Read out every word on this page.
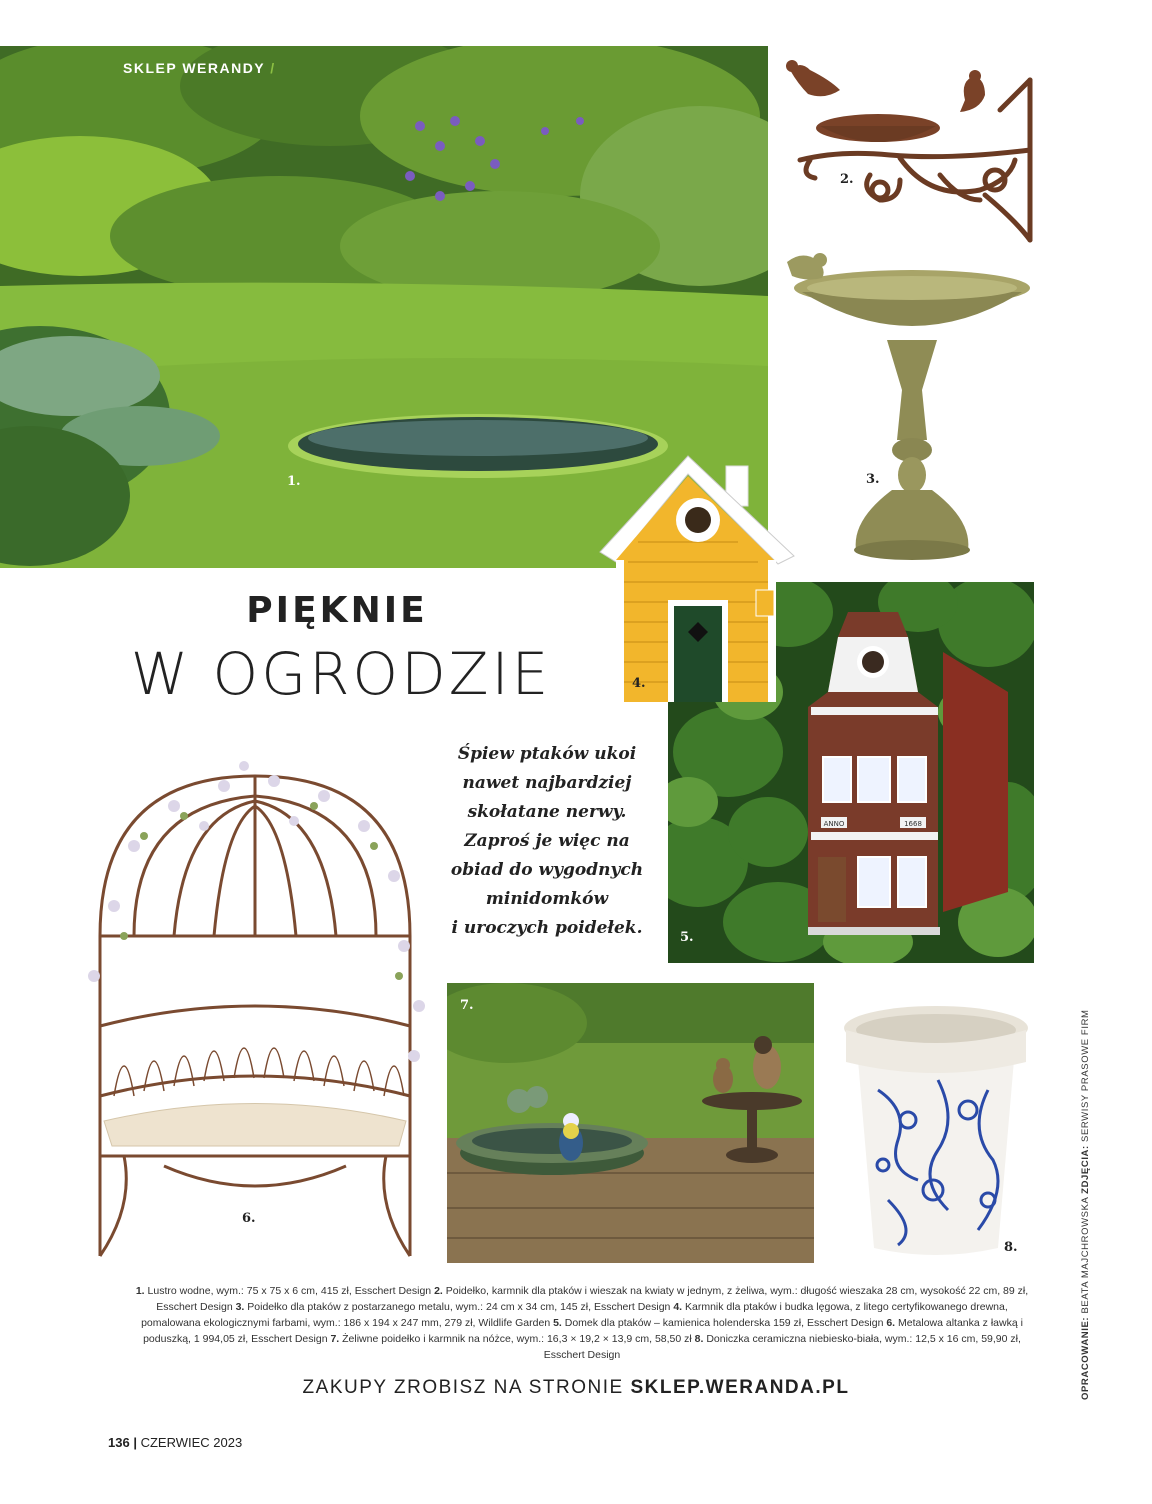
SKLEP WERANDY /
1.
2.
3.
ANNO	1668
5.
4.
PIĘKNIE
W OGRODZIE
Śpiew ptaków ukoi
nawet najbardziej
skołatane nerwy.
Zaproś je więc na
obiad do wygodnych
minidomków
i uroczych poidełek.
6.
7.
8.
1. Lustro wodne, wym.: 75 x 75 x 6 cm, 415 zł, Esschert Design 2. Poidełko, karmnik dla ptaków i wieszak na kwiaty w jednym, z żeliwa, wym.: długość wieszaka 28 cm, wysokość 22 cm, 89 zł, Esschert Design 3. Poidełko dla ptaków z postarzanego metalu, wym.: 24 cm x 34 cm, 145 zł, Esschert Design 4. Karmnik dla ptaków i budka lęgowa, z litego certyfikowanego drewna, pomalowana ekologicznymi farbami, wym.: 186 x 194 x 247 mm, 279 zł, Wildlife Garden 5. Domek dla ptaków – kamienica holenderska 159 zł, Esschert Design 6. Metalowa altanka z ławką i poduszką, 1 994,05 zł, Esschert Design 7. Żeliwne poidełko i karmnik na nóżce, wym.: 16,3 × 19,2 × 13,9 cm, 58,50 zł 8. Doniczka ceramiczna niebiesko-biała, wym.: 12,5 x 16 cm, 59,90 zł, Esschert Design
ZAKUPY ZROBISZ NA STRONIE SKLEP.WERANDA.PL
136 | CZERWIEC 2023
OPRACOWANIE: BEATA MAJCHROWSKA ZDJĘCIA: SERWISY PRASOWE FIRM
